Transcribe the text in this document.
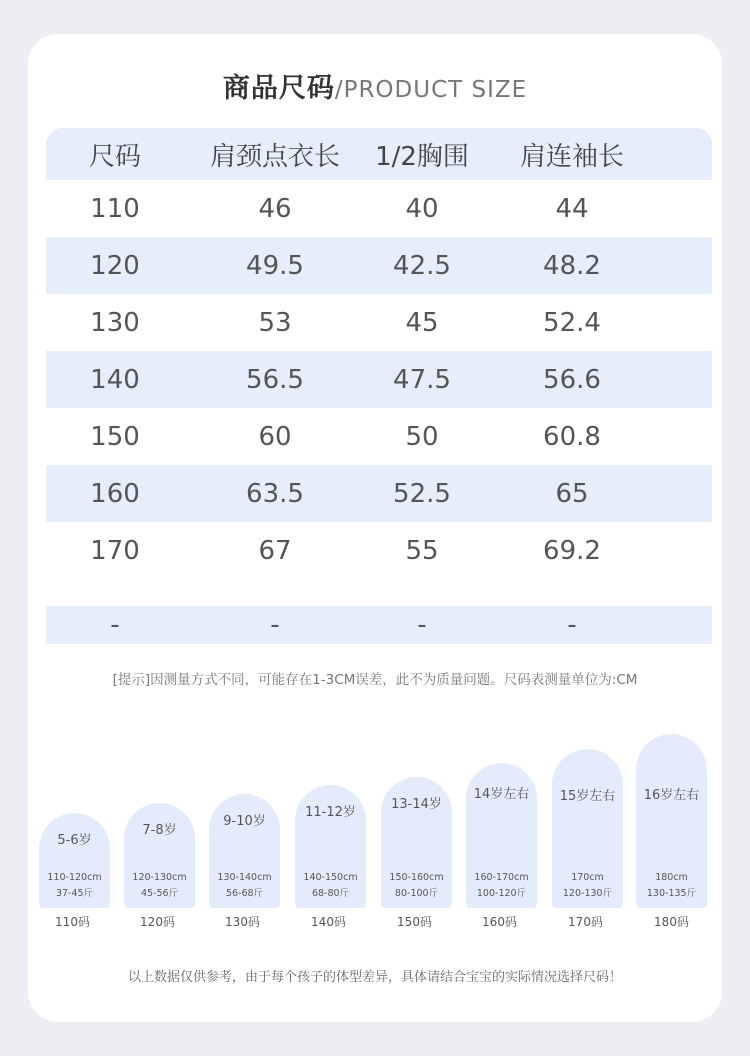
商品尺码/PRODUCT SIZE
尺码	肩颈点衣长	1/2胸围	肩连袖长
110	46	40	44
120	49.5	42.5	48.2
130	53	45	52.4
140	56.5	47.5	56.6
150	60	50	60.8
160	63.5	52.5	65
170	67	55	69.2
-	-	-	-
[提示]因测量方式不同，可能存在1-3CM误差，此不为质量问题。尺码表测量单位为:CM
5-6岁
110-120cm
37-45斤
110码
7-8岁
120-130cm
45-56斤
120码
9-10岁
130-140cm
56-68斤
130码
11-12岁
140-150cm
68-80斤
140码
13-14岁
150-160cm
80-100斤
150码
14岁左右
160-170cm
100-120斤
160码
15岁左右
170cm
120-130斤
170码
16岁左右
180cm
130-135斤
180码
以上数据仅供参考，由于每个孩子的体型差异，具体请结合宝宝的实际情况选择尺码！
